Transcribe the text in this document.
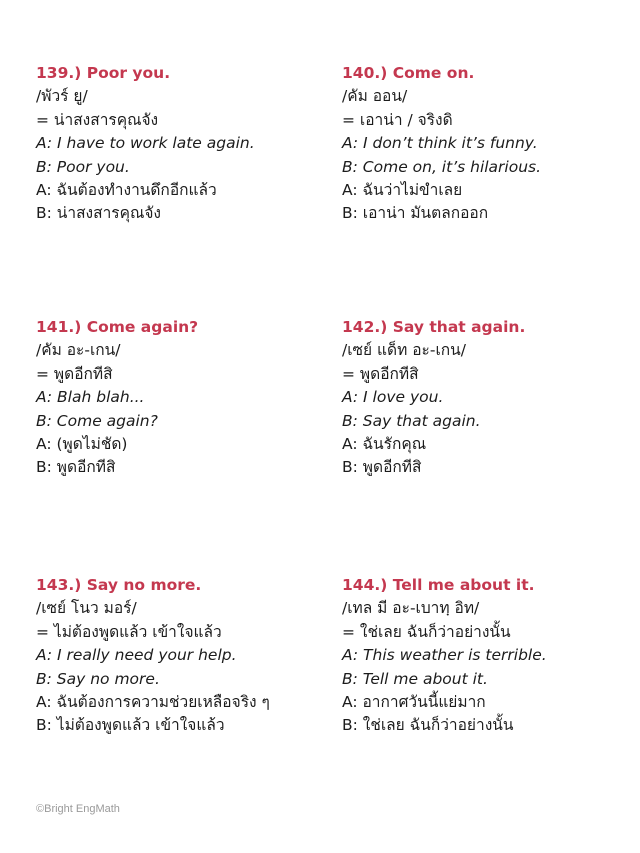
139.) Poor you.
/พัวร์ ยู/
= น่าสงสารคุณจัง
A: I have to work late again.
B: Poor you.
A: ฉันต้องทำงานดึกอีกแล้ว
B: น่าสงสารคุณจัง
140.) Come on.
/คัม ออน/
= เอาน่า / จริงดิ
A: I don’t think it’s funny.
B: Come on, it’s hilarious.
A: ฉันว่าไม่ขำเลย
B: เอาน่า มันตลกออก
141.) Come again?
/คัม อะ-เกน/
= พูดอีกทีสิ
A: Blah blah...
B: Come again?
A: (พูดไม่ชัด)
B: พูดอีกทีสิ
142.) Say that again.
/เซย์ แด็ท อะ-เกน/
= พูดอีกทีสิ
A: I love you.
B: Say that again.
A: ฉันรักคุณ
B: พูดอีกทีสิ
143.) Say no more.
/เซย์ โนว มอร์/
= ไม่ต้องพูดแล้ว เข้าใจแล้ว
A: I really need your help.
B: Say no more.
A: ฉันต้องการความช่วยเหลือจริง ๆ
B: ไม่ต้องพูดแล้ว เข้าใจแล้ว
144.) Tell me about it.
/เทล มี อะ-เบาทฺ อิท/
= ใช่เลย ฉันก็ว่าอย่างนั้น
A: This weather is terrible.
B: Tell me about it.
A: อากาศวันนี้แย่มาก
B: ใช่เลย ฉันก็ว่าอย่างนั้น
©Bright EngMath
